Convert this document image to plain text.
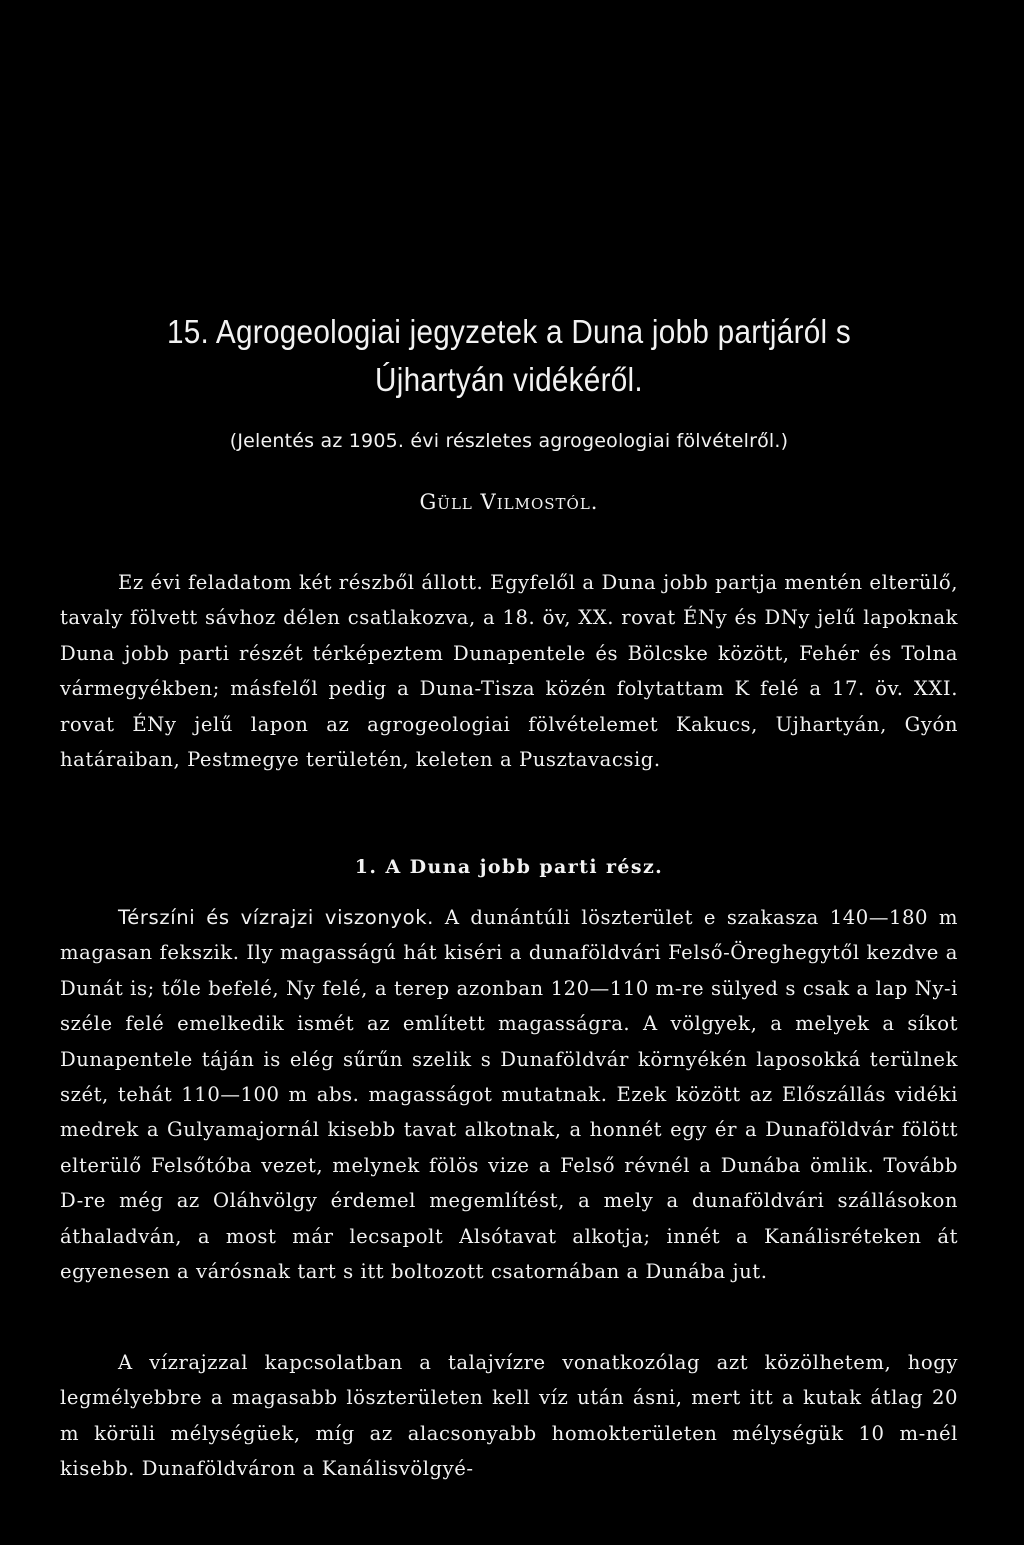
15. Agrogeologiai jegyzetek a Duna jobb partjáról s Újhartyán vidékéről.
(Jelentés az 1905. évi részletes agrogeologiai fölvételről.)
Güll Vilmostól.

Ez évi feladatom két részből állott. Egyfelől a Duna jobb partja mentén elterülő, tavaly fölvett sávhoz délen csatlakozva, a 18. öv, XX. rovat ÉNy és DNy jelű lapoknak Duna jobb parti részét térképeztem Dunapentele és Bölcske között, Fehér és Tolna vármegyékben; másfelől pedig a Duna-Tisza közén folytattam K felé a 17. öv. XXI. rovat ÉNy jelű lapon az agrogeologiai fölvételemet Kakucs, Ujhartyán, Gyón határaiban, Pestmegye területén, keleten a Pusztavacsig.

1. A Duna jobb parti rész.

Térszíni és vízrajzi viszonyok. A dunántúli löszterület e szakasza 140—180 m magasan fekszik. Ily magasságú hát kiséri a dunaföldvári Felső-Öreghegytől kezdve a Dunát is; tőle befelé, Ny felé, a terep azonban 120—110 m-re sülyed s csak a lap Ny-i széle felé emelkedik ismét az említett magasságra. A völgyek, a melyek a síkot Dunapentele táján is elég sűrűn szelik s Dunaföldvár környékén laposokká terülnek szét, tehát 110—100 m abs. magasságot mutatnak. Ezek között az Előszállás vidéki medrek a Gulyamajornál kisebb tavat alkotnak, a honnét egy ér a Dunaföldvár fölött elterülő Felsőtóba vezet, melynek fölös vize a Felső révnél a Dunába ömlik. Tovább D-re még az Oláhvölgy érdemel megemlítést, a mely a dunaföldvári szállásokon áthaladván, a most már lecsapolt Alsótavat alkotja; innét a Kanálisréteken át egyenesen a várósnak tart s itt boltozott csatornában a Dunába jut.

A vízrajzzal kapcsolatban a talajvízre vonatkozólag azt közölhetem, hogy legmélyebbre a magasabb löszterületen kell víz után ásni, mert itt a kutak átlag 20 m körüli mélységüek, míg az alacsonyabb homokterületen mélységük 10 m-nél kisebb. Dunaföldváron a Kanálisvölgyé-
